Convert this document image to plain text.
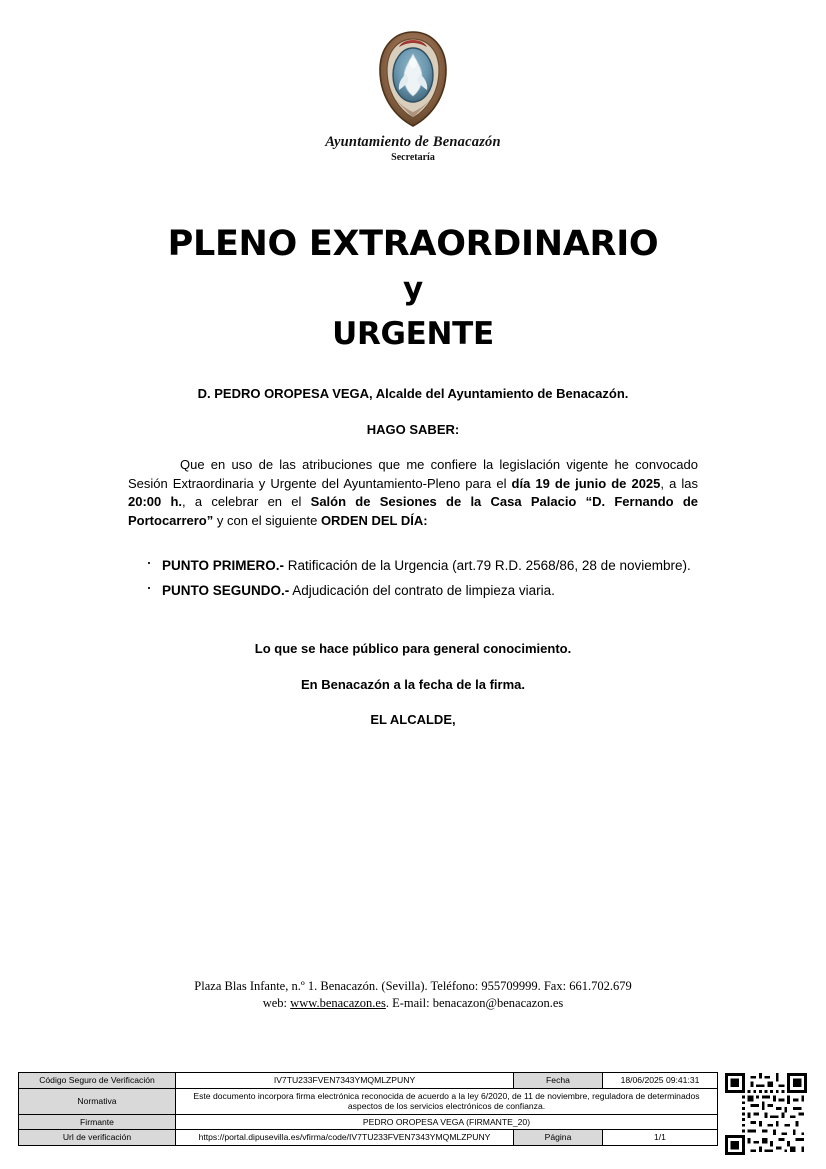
Ayuntamiento de Benacazón
Secretaría
PLENO EXTRAORDINARIO
y
URGENTE
D. PEDRO OROPESA VEGA, Alcalde del Ayuntamiento de Benacazón.
HAGO SABER:
Que en uso de las atribuciones que me confiere la legislación vigente he convocado Sesión Extraordinaria y Urgente del Ayuntamiento-Pleno para el día 19 de junio de 2025, a las 20:00 h., a celebrar en el Salón de Sesiones de la Casa Palacio “D. Fernando de Portocarrero” y con el siguiente ORDEN DEL DÍA:
· PUNTO PRIMERO.- Ratificación de la Urgencia (art.79 R.D. 2568/86, 28 de noviembre).
· PUNTO SEGUNDO.- Adjudicación del contrato de limpieza viaria.
Lo que se hace público para general conocimiento.
En Benacazón a la fecha de la firma.
EL ALCALDE,
Plaza Blas Infante, n.º 1. Benacazón. (Sevilla). Teléfono: 955709999. Fax: 661.702.679
web: www.benacazon.es. E-mail: benacazon@benacazon.es
Código Seguro de Verificación	IV7TU233FVEN7343YMQMLZPUNY	Fecha	18/06/2025 09:41:31
Normativa	Este documento incorpora firma electrónica reconocida de acuerdo a la ley 6/2020, de 11 de noviembre, reguladora de determinados aspectos de los servicios electrónicos de confianza.		
Firmante	PEDRO OROPESA VEGA (FIRMANTE_20)		
Url de verificación	https://portal.dipusevilla.es/vfirma/code/IV7TU233FVEN7343YMQMLZPUNY	Página	1/1
